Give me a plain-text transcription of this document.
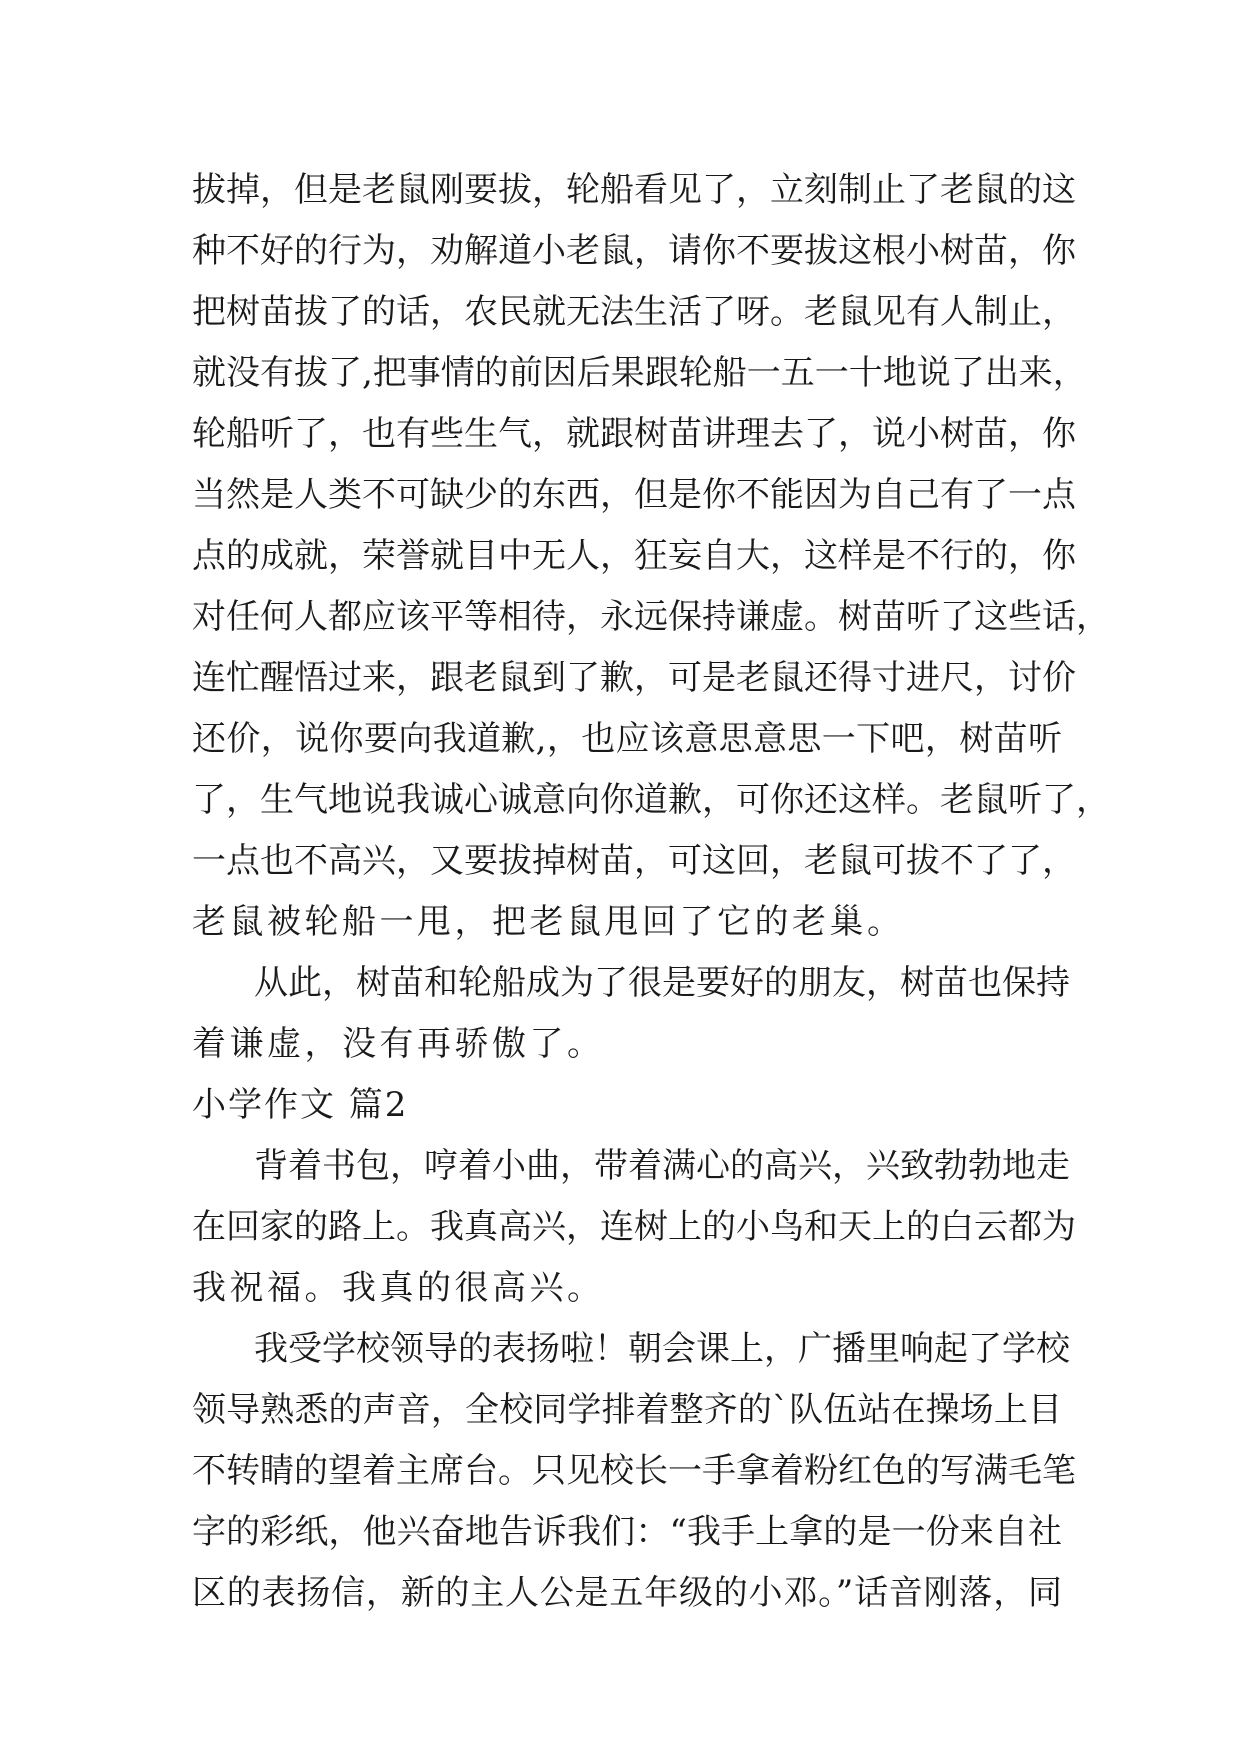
拔掉，但是老鼠刚要拔，轮船看见了，立刻制止了老鼠的这
种不好的行为，劝解道小老鼠，请你不要拔这根小树苗，你
把树苗拔了的话，农民就无法生活了呀。老鼠见有人制止，
就没有拔了,把事情的前因后果跟轮船一五一十地说了出来，
轮船听了，也有些生气，就跟树苗讲理去了，说小树苗，你
当然是人类不可缺少的东西，但是你不能因为自己有了一点
点的成就，荣誉就目中无人，狂妄自大，这样是不行的，你
对任何人都应该平等相待，永远保持谦虚。树苗听了这些话，
连忙醒悟过来，跟老鼠到了歉，可是老鼠还得寸进尺，讨价
还价，说你要向我道歉,，也应该意思意思一下吧，树苗听
了，生气地说我诚心诚意向你道歉，可你还这样。老鼠听了，
一点也不高兴，又要拔掉树苗，可这回，老鼠可拔不了了，
老鼠被轮船一甩，把老鼠甩回了它的老巢。
从此，树苗和轮船成为了很是要好的朋友，树苗也保持
着谦虚，没有再骄傲了。
小学作文 篇2
背着书包，哼着小曲，带着满心的高兴，兴致勃勃地走
在回家的路上。我真高兴，连树上的小鸟和天上的白云都为
我祝福。我真的很高兴。
我受学校领导的表扬啦！朝会课上，广播里响起了学校
领导熟悉的声音，全校同学排着整齐的`队伍站在操场上目
不转睛的望着主席台。只见校长一手拿着粉红色的写满毛笔
字的彩纸，他兴奋地告诉我们：“我手上拿的是一份来自社
区的表扬信，新的主人公是五年级的小邓。”话音刚落，同
